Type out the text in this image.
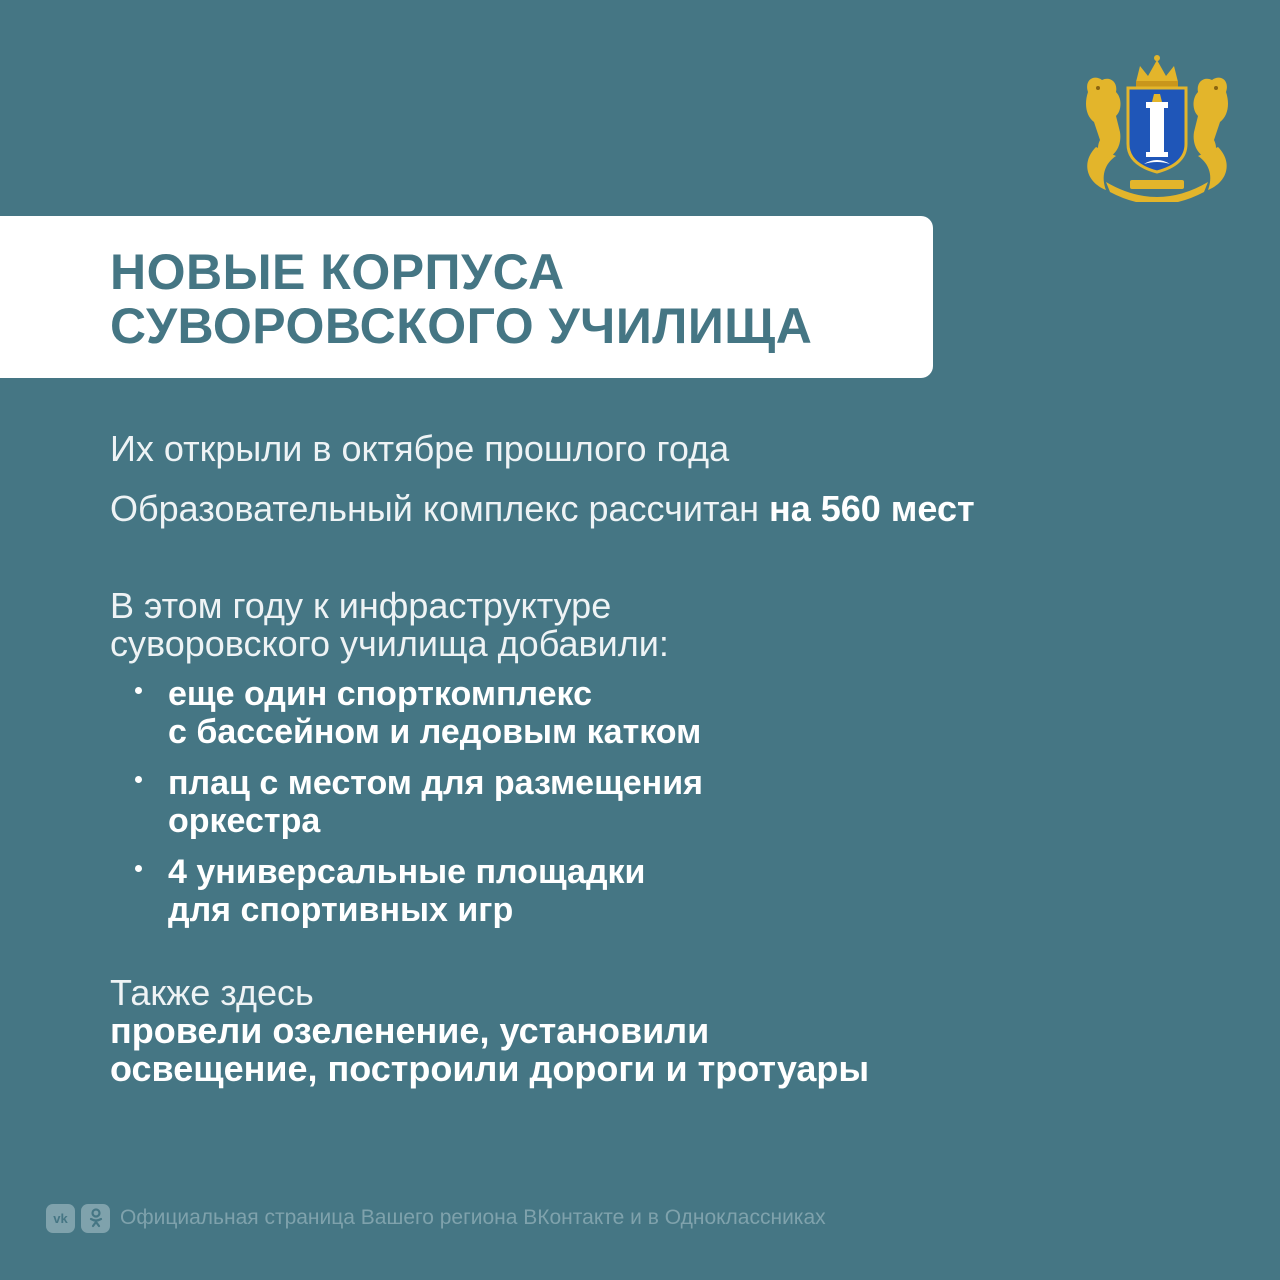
НОВЫЕ КОРПУСА
СУВОРОВСКОГО УЧИЛИЩА

Их открыли в октябре прошлого года

Образовательный комплекс рассчитан на 560 мест

В этом году к инфраструктуре
суворовского училища добавили:

еще один спорткомплекс
с бассейном и ледовым катком
плац с местом для размещения
оркестра
4 универсальные площадки
для спортивных игр

Также здесь
провели озеленение, установили
освещение, построили дороги и тротуары

vk	Официальная страница Вашего региона ВКонтакте и в Одноклассниках
